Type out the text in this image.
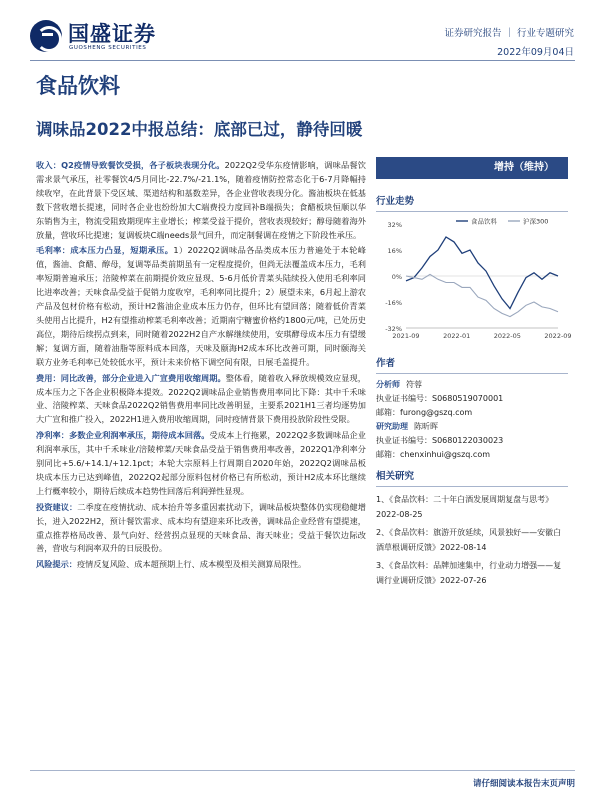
国盛证券
GUOSHENG SECURITIES
证券研究报告 ｜ 行业专题研究
2022年09月04日
食品饮料
调味品2022中报总结：底部已过，静待回暖

收入：Q2疫情导致餐饮受损，各子板块表现分化。2022Q2受华东疫情影响，调味品餐饮需求景气承压，社零餐饮4/5月同比-22.7%/-21.1%，随着疫情防控常态化于6-7月降幅持续收窄，在此背景下受区域、渠道结构和基数差异，各企业营收表现分化。酱油板块在低基数下营收增长提速，同时各企业也纷纷加大C端费投力度回补B端损失；食醋板块恒顺以华东销售为主，物流受阻致期现库主业增长；榨菜受益于提价，营收表现较好；醇母随着海外放量，营收环比提速；复调板块C端needs景气回升，而定制餐调在疫情之下阶段性承压。

毛利率：成本压力凸显，短期承压。1）2022Q2调味品各品类成本压力普遍处于本轮峰值，酱油、食醋、醇母，复调等品类前期虽有一定程度提价，但尚无法覆盖成本压力，毛利率短期普遍承压；涪陵榨菜在前期提价效应显现、5-6月低价青菜头陆续投入使用毛利率同比进率改善；天味食品受益于促销力度收窄，毛利率同比提升；2）展望未来，6月起上游农产品及包材价格有松动，预计H2酱油企业成本压力仍存，但环比有望回落；随着低价青菜头使用占比提升，H2有望推动榨菜毛利率改善；近期南宁糖蜜价格约1800元/吨，已处历史高位，期待后续拐点到来，同时随着2022H2自产水解继续使用，安琪酵母成本压力有望缓解；复调方面，随着油脂等原料成本回落，天味及颐海H2成本环比改善可期，同时颐海关联方业务毛利率已处较低水平，预计未来价格下调空间有限，日展毛盖提升。

费用：同比改善，部分企业进入广宣费用收缩周期。整体看，随着收入释放规模效应显现，成本压力之下各企业积极降本提效。2022Q2调味品企业销售费用率同比下降：其中千禾味业、涪陵榨菜、天味食品2022Q2销售费用率同比改善明显，主要系2021H1三者均逐势加大广宣和推广投入，2022H1进入费用收缩周期，同时疫情背景下费用投放阶段性受限。

净利率：多数企业利润率承压，期待成本回落。受成本上行拖累，2022Q2多数调味品企业利润率承压，其中千禾味业/涪陵榨菜/天味食品受益于销售费用率改善，2022Q1净利率分别同比+5.6/+14.1/+12.1pct；本轮大宗原料上行周期自2020年始，2022Q2调味品板块成本压力已达到峰值，2022Q2起部分原料包材价格已有所松动，预计H2成本环比继续上行概率较小，期待后续成本趋势性回落后利润弹性显现。

投资建议：二季度在疫情扰动、成本抬升等多重因素扰动下，调味品板块整体仍实现稳健增长，进入2022H2，预计餐饮需求、成本均有望迎来环比改善，调味品企业经营有望提速，重点推荐格局改善、景气向好、经营拐点显现的天味食品、海天味业；受益于餐饮边际改善，营收与利润率双升的日辰股份。

风险提示：疫情反复风险、成本超预期上行、成本模型及相关测算局限性。

增持（维持）
行业走势
32%
16%
0%
-16%
-32%
2021-09	2022-01	2022-05	2022-09
食品饮料	沪深300
作者
分析师 符蓉
执业证书编号：S0680519070001
邮箱：furong@gszq.com
研究助理 陈昕晖
执业证书编号：S0680122030023
邮箱：chenxinhui@gszq.com
相关研究

1、《食品饮料：二十年白酒发展周期复盘与思考》2022-08-25

2、《食品饮料：旗游开放延续，风景独好——安徽白酒草根调研反馈》2022-08-14

3、《食品饮料：品牌加速集中，行业动力增强——复调行业调研反馈》2022-07-26

请仔细阅读本报告末页声明
